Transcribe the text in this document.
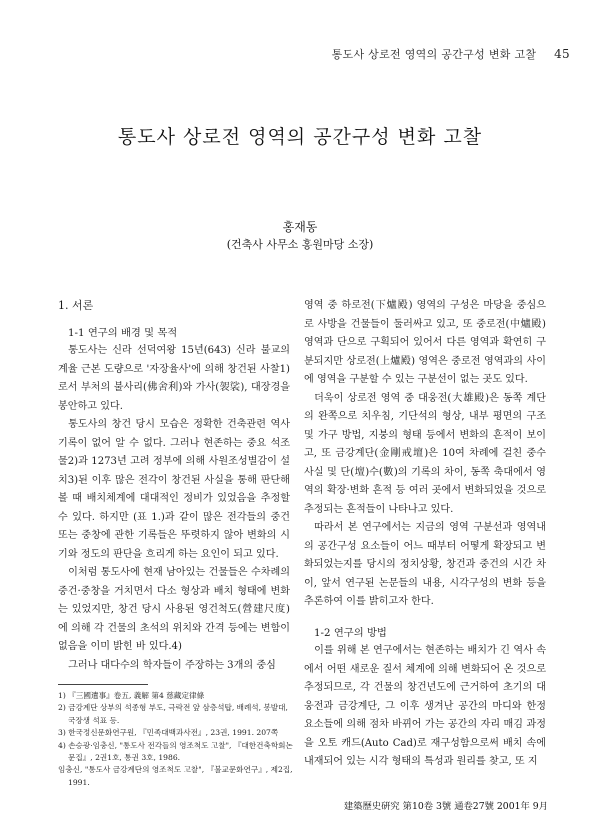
통도사 상로전 영역의 공간구성 변화 고찰 45
통도사 상로전 영역의 공간구성 변화 고찰
홍재동
(건축사 사무소 홍원마당 소장)
1. 서론
1-1 연구의 배경 및 목적

통도사는 신라 선덕여왕 15년(643) 신라 불교의 계율 근본 도량으로 '자장율사'에 의해 창건된 사찰1)로서 부처의 불사리(佛舍利)와 가사(袈裟), 대장경을 봉안하고 있다.

통도사의 창건 당시 모습은 정확한 건축관련 역사 기록이 없어 알 수 없다. 그러나 현존하는 중요 석조물2)과 1273년 고려 정부에 의해 사원조성별감이 설치3)된 이후 많은 전각이 창건된 사실을 통해 판단해 볼 때 배치체계에 대대적인 정비가 있었음을 추정할 수 있다. 하지만 (표 1.)과 같이 많은 전각들의 중건 또는 중창에 관한 기록들은 뚜렷하지 않아 변화의 시기와 정도의 판단을 흐리게 하는 요인이 되고 있다.

이처럼 통도사에 현재 남아있는 건물들은 수차례의 중건·중창을 거치면서 다소 형상과 배치 형태에 변화는 있었지만, 창건 당시 사용된 영건척도(營建尺度)에 의해 각 건물의 초석의 위치와 간격 등에는 변함이 없음을 이미 밝힌 바 있다.4)

그러나 대다수의 학자들이 주장하는 3개의 중심

1) 『三國遺事』卷五, 義解 第4 慈藏定律條
2) 금강계단 상부의 석종형 부도, 극락전 앞 삼층석탑, 배례석, 봉발대, 국장생 석표 등.
3) 한국정신문화연구원, 『민족대백과사전』, 23권, 1991. 207쪽
4) 손승광·임충신, "통도사 전각들의 영조척도 고찰", 『대한건축학회논문집』, 2권1호, 통권 3호, 1986.
임충신, "통도사 금강계단의 영조척도 고찰", 『불교문화연구』, 제2집, 1991.

영역 중 하로전(下爐殿) 영역의 구성은 마당을 중심으로 사방을 건물들이 둘러싸고 있고, 또 중로전(中爐殿) 영역과 단으로 구획되어 있어서 다른 영역과 확연히 구분되지만 상로전(上爐殿) 영역은 중로전 영역과의 사이에 영역을 구분할 수 있는 구분선이 없는 곳도 있다.

더욱이 상로전 영역 중 대웅전(大雄殿)은 동쪽 계단의 완쪽으로 치우침, 기단석의 형상, 내부 평면의 구조 및 가구 방법, 지붕의 형태 등에서 변화의 흔적이 보이고, 또 금강계단(金剛戒壇)은 10여 차례에 걸친 중수 사실 및 단(壇)수(數)의 기록의 차이, 동쪽 축대에서 영역의 확장·변화 흔적 등 여러 곳에서 변화되었을 것으로 추정되는 흔적들이 나타나고 있다.

따라서 본 연구에서는 지금의 영역 구분선과 영역내의 공간구성 요소들이 어느 때부터 어떻게 확장되고 변화되었는지를 당시의 정치상황, 창건과 중건의 시간 차이, 앞서 연구된 논문들의 내용, 시각구성의 변화 등을 추론하여 이를 밝히고자 한다.

1-2 연구의 방법

이를 위해 본 연구에서는 현존하는 배치가 긴 역사 속에서 어떤 새로운 질서 체계에 의해 변화되어 온 것으로 추정되므로, 각 건물의 창건년도에 근거하여 초기의 대웅전과 금강계단, 그 이후 생겨난 공간의 마디와 한정 요소들에 의해 점차 바뀌어 가는 공간의 자리 매김 과정을 오토 캐드(Auto Cad)로 재구성함으로써 배치 속에 내재되어 있는 시각 형태의 특성과 원리를 찾고, 또 지

建築歷史硏究 第10卷 3號 通卷27號 2001年 9月
